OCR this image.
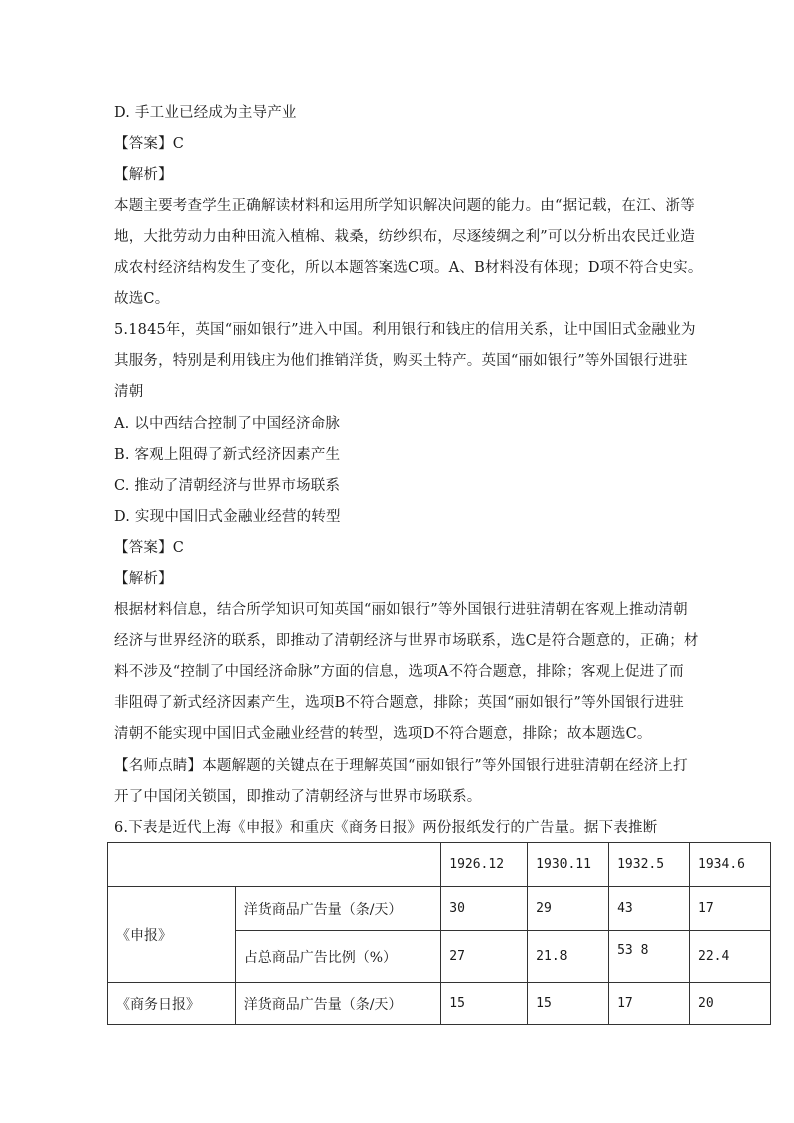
D. 手工业已经成为主导产业
【答案】C
【解析】
本题主要考查学生正确解读材料和运用所学知识解决问题的能力。由“据记载，在江、浙等
地，大批劳动力由种田流入植棉、栽桑，纺纱织布，尽逐绫绸之利”可以分析出农民迁业造
成农村经济结构发生了变化，所以本题答案选C项。A、B材料没有体现；D项不符合史实。
故选C。
5.1845年，英国“丽如银行”进入中国。利用银行和钱庄的信用关系，让中国旧式金融业为
其服务，特别是利用钱庄为他们推销洋货，购买土特产。英国“丽如银行”等外国银行进驻
清朝
A. 以中西结合控制了中国经济命脉
B. 客观上阻碍了新式经济因素产生
C. 推动了清朝经济与世界市场联系
D. 实现中国旧式金融业经营的转型
【答案】C
【解析】
根据材料信息，结合所学知识可知英国“丽如银行”等外国银行进驻清朝在客观上推动清朝
经济与世界经济的联系，即推动了清朝经济与世界市场联系，选C是符合题意的，正确；材
料不涉及“控制了中国经济命脉”方面的信息，选项A不符合题意，排除；客观上促进了而
非阻碍了新式经济因素产生，选项B不符合题意，排除；英国“丽如银行”等外国银行进驻
清朝不能实现中国旧式金融业经营的转型，选项D不符合题意，排除；故本题选C。
【名师点睛】本题解题的关键点在于理解英国“丽如银行”等外国银行进驻清朝在经济上打
开了中国闭关锁国，即推动了清朝经济与世界市场联系。
6.下表是近代上海《申报》和重庆《商务日报》两份报纸发行的广告量。据下表推断
		1926.12	1930.11	1932.5	1934.6
《申报》	洋货商品广告量（条/天）	30	29	43	17
	占总商品广告比例（%）	27	21.8	53 8	22.4
《商务日报》	洋货商品广告量（条/天）	15	15	17	20
